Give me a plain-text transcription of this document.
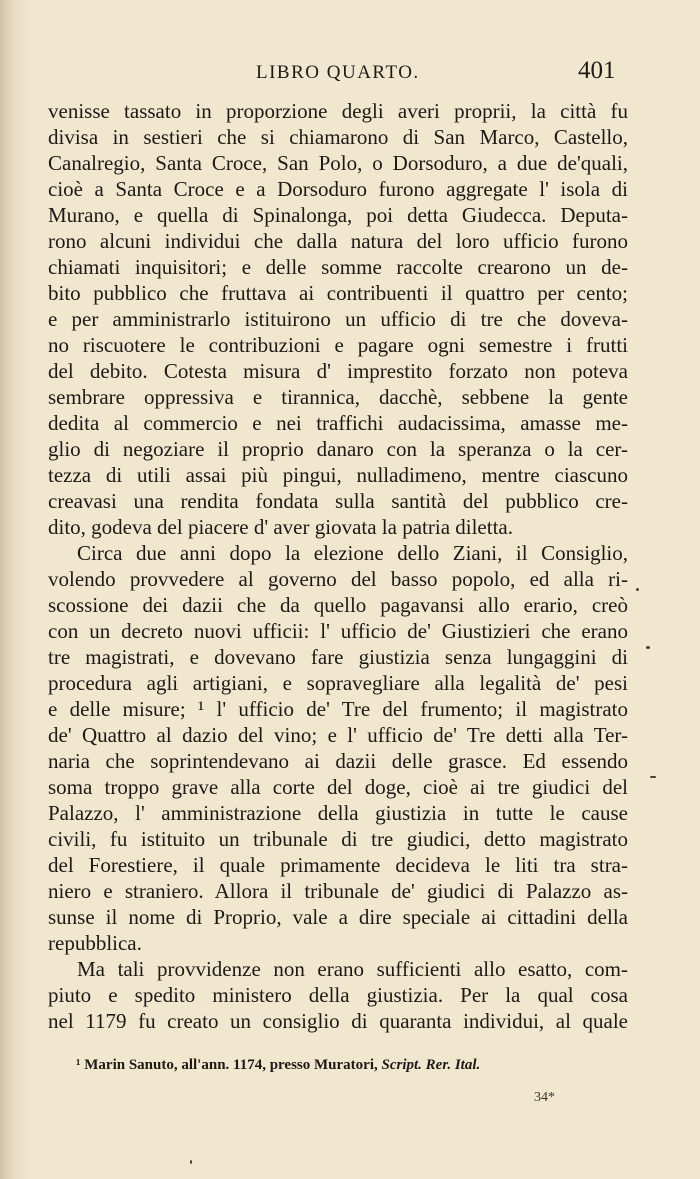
LIBRO QUARTO.	401
venisse tassato in proporzione degli averi proprii, la città fu
divisa in sestieri che si chiamarono di San Marco, Castello,
Canalregio, Santa Croce, San Polo, o Dorsoduro, a due de'quali,
cioè a Santa Croce e a Dorsoduro furono aggregate l' isola di
Murano, e quella di Spinalonga, poi detta Giudecca. Deputa-
rono alcuni individui che dalla natura del loro ufficio furono
chiamati inquisitori; e delle somme raccolte crearono un de-
bito pubblico che fruttava ai contribuenti il quattro per cento;
e per amministrarlo istituirono un ufficio di tre che doveva-
no riscuotere le contribuzioni e pagare ogni semestre i frutti
del debito. Cotesta misura d' imprestito forzato non poteva
sembrare oppressiva e tirannica, dacchè, sebbene la gente
dedita al commercio e nei traffichi audacissima, amasse me-
glio di negoziare il proprio danaro con la speranza o la cer-
tezza di utili assai più pingui, nulladimeno, mentre ciascuno
creavasi una rendita fondata sulla santità del pubblico cre-
dito, godeva del piacere d' aver giovata la patria diletta.
Circa due anni dopo la elezione dello Ziani, il Consiglio,
volendo provvedere al governo del basso popolo, ed alla ri-
scossione dei dazii che da quello pagavansi allo erario, creò
con un decreto nuovi ufficii: l' ufficio de' Giustizieri che erano
tre magistrati, e dovevano fare giustizia senza lungaggini di
procedura agli artigiani, e sopravegliare alla legalità de' pesi
e delle misure; ¹ l' ufficio de' Tre del frumento; il magistrato
de' Quattro al dazio del vino; e l' ufficio de' Tre detti alla Ter-
naria che soprintendevano ai dazii delle grasce. Ed essendo
soma troppo grave alla corte del doge, cioè ai tre giudici del
Palazzo, l' amministrazione della giustizia in tutte le cause
civili, fu istituito un tribunale di tre giudici, detto magistrato
del Forestiere, il quale primamente decideva le liti tra stra-
niero e straniero. Allora il tribunale de' giudici di Palazzo as-
sunse il nome di Proprio, vale a dire speciale ai cittadini della
repubblica.
Ma tali provvidenze non erano sufficienti allo esatto, com-
piuto e spedito ministero della giustizia. Per la qual cosa
nel 1179 fu creato un consiglio di quaranta individui, al quale
¹ Marin Sanuto, all'ann. 1174, presso Muratori, Script. Rer. Ital.
34*
